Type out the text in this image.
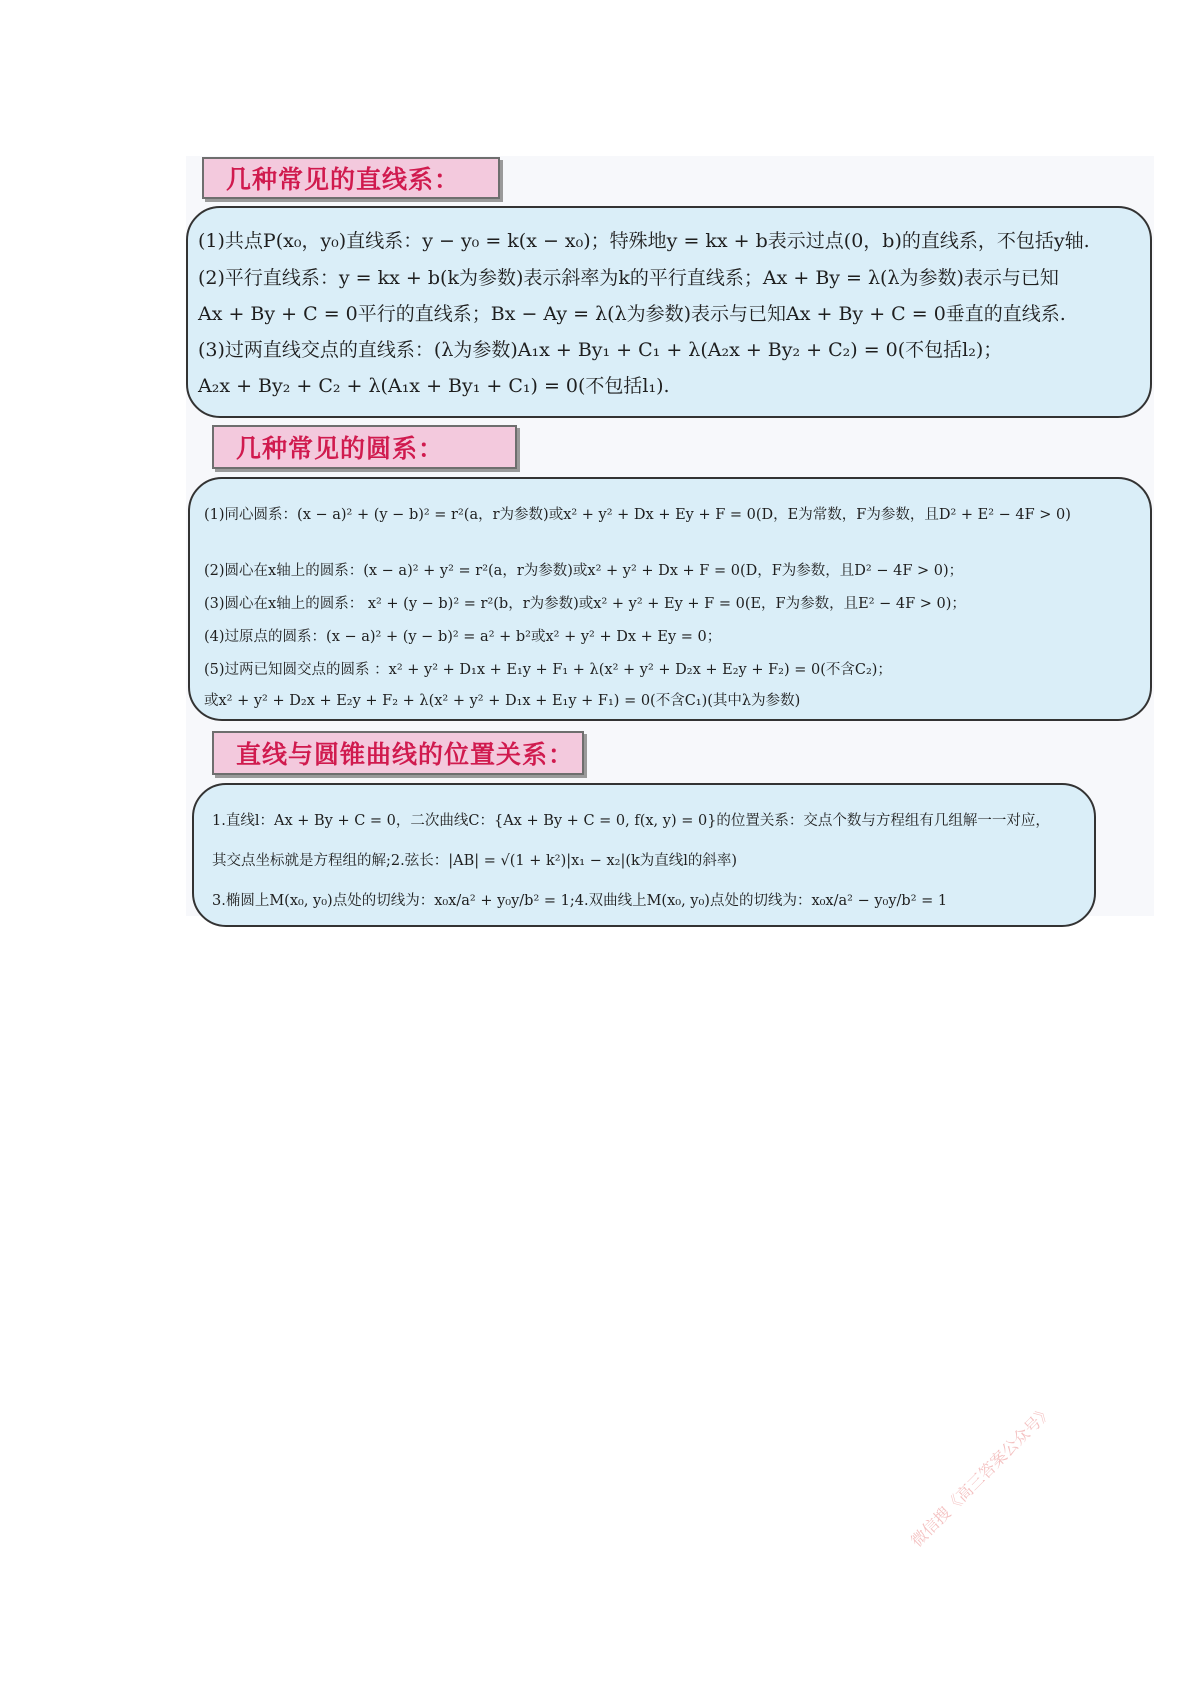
几种常见的直线系：
(1)共点P(x₀，y₀)直线系：y − y₀ = k(x − x₀)；特殊地y = kx + b表示过点(0，b)的直线系，不包括y轴.
(2)平行直线系：y = kx + b(k为参数)表示斜率为k的平行直线系；Ax + By = λ(λ为参数)表示与已知
Ax + By + C = 0平行的直线系；Bx − Ay = λ(λ为参数)表示与已知Ax + By + C = 0垂直的直线系.
(3)过两直线交点的直线系：(λ为参数)A₁x + By₁ + C₁ + λ(A₂x + By₂ + C₂) = 0(不包括l₂)；
A₂x + By₂ + C₂ + λ(A₁x + By₁ + C₁) = 0(不包括l₁).
几种常见的圆系：
(1)同心圆系：(x − a)² + (y − b)² = r²(a，r为参数)或x² + y² + Dx + Ey + F = 0(D，E为常数，F为参数，且D² + E² − 4F > 0)
(2)圆心在x轴上的圆系：(x − a)² + y² = r²(a，r为参数)或x² + y² + Dx + F = 0(D，F为参数，且D² − 4F > 0)；
(3)圆心在x轴上的圆系： x² + (y − b)² = r²(b，r为参数)或x² + y² + Ey + F = 0(E，F为参数，且E² − 4F > 0)；
(4)过原点的圆系：(x − a)² + (y − b)² = a² + b²或x² + y² + Dx + Ey = 0；
(5)过两已知圆交点的圆系 ：x² + y² + D₁x + E₁y + F₁ + λ(x² + y² + D₂x + E₂y + F₂) = 0(不含C₂)；
或x² + y² + D₂x + E₂y + F₂ + λ(x² + y² + D₁x + E₁y + F₁) = 0(不含C₁)(其中λ为参数)
直线与圆锥曲线的位置关系：
1.直线l：Ax + By + C = 0，二次曲线C：{Ax + By + C = 0, f(x, y) = 0}的位置关系：交点个数与方程组有几组解一一对应，
其交点坐标就是方程组的解;2.弦长：|AB| = √(1 + k²)|x₁ − x₂|(k为直线l的斜率)
3.椭圆上M(x₀, y₀)点处的切线为：x₀x/a² + y₀y/b² = 1;4.双曲线上M(x₀, y₀)点处的切线为：x₀x/a² − y₀y/b² = 1
微信搜《高三答案公众号》
